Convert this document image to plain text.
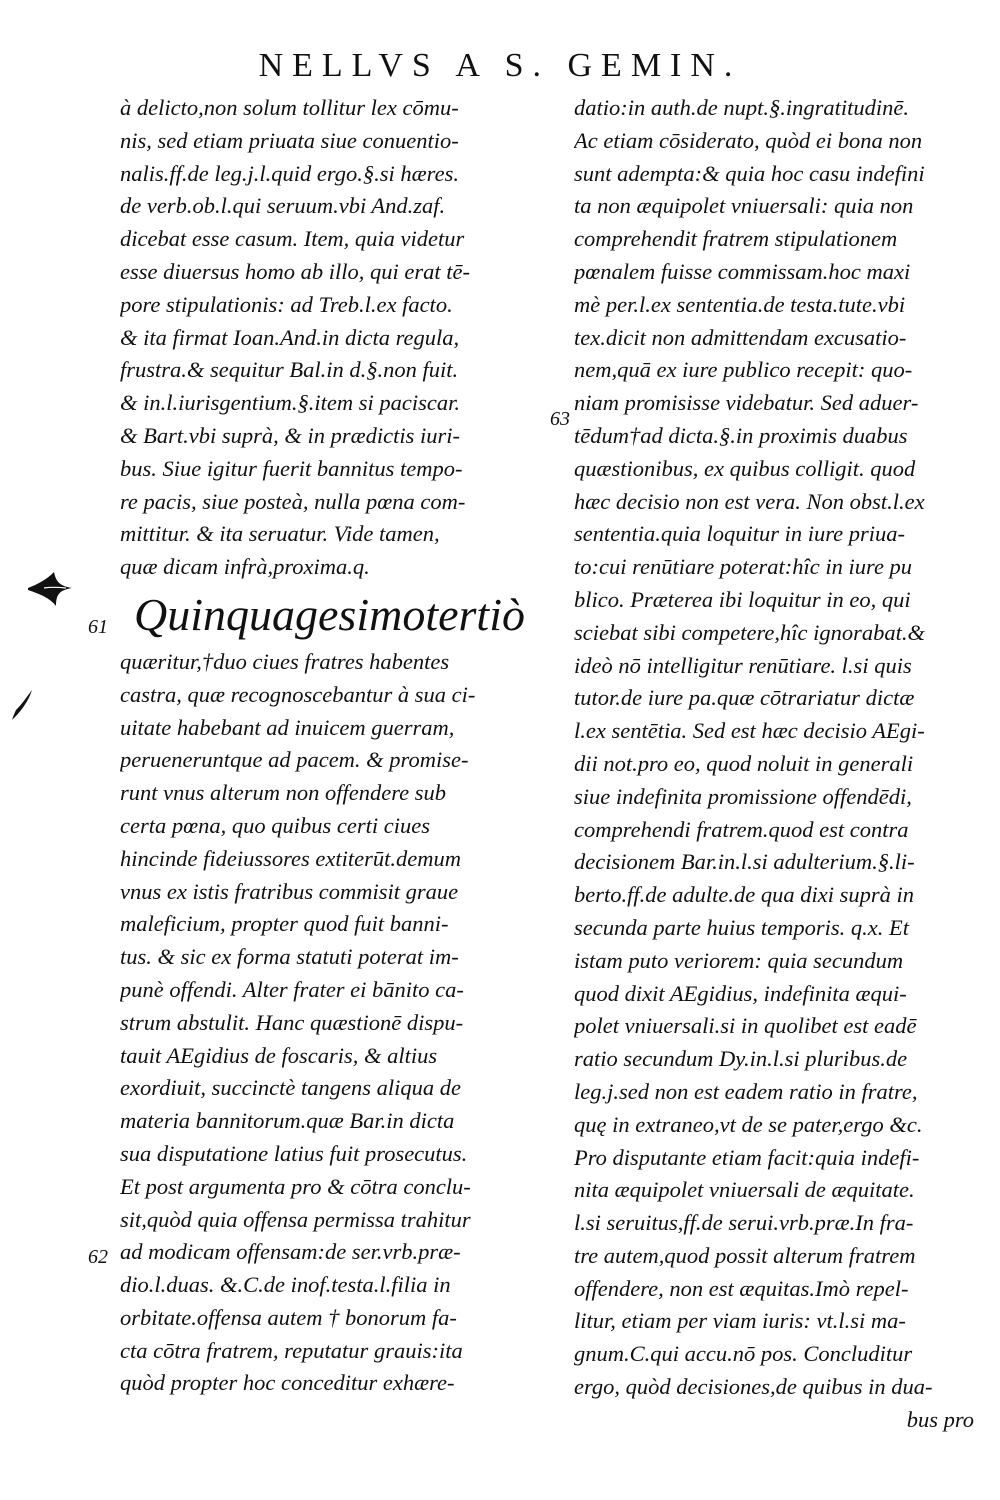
NELLVS A S. GEMIN.
à delicto,non solum tollitur lex cōmu-
nis, sed etiam priuata siue conuentio-
nalis.ff.de leg.j.l.quid ergo.§.si hæres.
de verb.ob.l.qui seruum.vbi And.zaf.
dicebat esse casum. Item, quia videtur
esse diuersus homo ab illo, qui erat tē-
pore stipulationis: ad Treb.l.ex facto.
& ita firmat Ioan.And.in dicta regula,
frustra.& sequitur Bal.in d.§.non fuit.
& in.l.iurisgentium.§.item si paciscar.
& Bart.vbi suprà, & in prædictis iuri-
bus. Siue igitur fuerit bannitus tempo-
re pacis, siue posteà, nulla pœna com-
mittitur. & ita seruatur. Vide tamen,
quæ dicam infrà,proxima.q.
Quinquagesimotertiò
quæritur,†duo ciues fratres habentes
castra, quæ recognoscebantur à sua ci-
uitate habebant ad inuicem guerram,
perueneruntque ad pacem. & promise-
runt vnus alterum non offendere sub
certa pœna, quo quibus certi ciues
hincinde fideiussores extiterūt.demum
vnus ex istis fratribus commisit graue
maleficium, propter quod fuit banni-
tus. & sic ex forma statuti poterat im-
punè offendi. Alter frater ei bānito ca-
strum abstulit. Hanc quæstionē dispu-
tauit AEgidius de foscaris, & altius
exordiuit, succinctè tangens aliqua de
materia bannitorum.quæ Bar.in dicta
sua disputatione latius fuit prosecutus.
Et post argumenta pro & cōtra conclu-
sit,quòd quia offensa permissa trahitur
ad modicam offensam:de ser.vrb.præ-
dio.l.duas. &.C.de inof.testa.l.filia in
orbitate.offensa autem † bonorum fa-
cta cōtra fratrem, reputatur grauis:ita
quòd propter hoc conceditur exhære-
datio:in auth.de nupt.§.ingratitudinē.
Ac etiam cōsiderato, quòd ei bona non
sunt adempta:& quia hoc casu indefini
ta non æquipolet vniuersali: quia non
comprehendit fratrem stipulationem
pœnalem fuisse commissam.hoc maxi
mè per.l.ex sententia.de testa.tute.vbi
tex.dicit non admittendam excusatio-
nem,quā ex iure publico recepit: quo-
niam promisisse videbatur. Sed aduer-
tēdum†ad dicta.§.in proximis duabus
quæstionibus, ex quibus colligit. quod
hæc decisio non est vera. Non obst.l.ex
sententia.quia loquitur in iure priua-
to:cui renūtiare poterat:hîc in iure pu
blico. Præterea ibi loquitur in eo, qui
sciebat sibi competere,hîc ignorabat.&
ideò nō intelligitur renūtiare. l.si quis
tutor.de iure pa.quæ cōtrariatur dictæ
l.ex sentētia. Sed est hæc decisio AEgi-
dii not.pro eo, quod noluit in generali
siue indefinita promissione offendēdi,
comprehendi fratrem.quod est contra
decisionem Bar.in.l.si adulterium.§.li-
berto.ff.de adulte.de qua dixi suprà in
secunda parte huius temporis. q.x. Et
istam puto veriorem: quia secundum
quod dixit AEgidius, indefinita æqui-
polet vniuersali.si in quolibet est eadē
ratio secundum Dy.in.l.si pluribus.de
leg.j.sed non est eadem ratio in fratre,
quę in extraneo,vt de se pater,ergo &c.
Pro disputante etiam facit:quia indefi-
nita æquipolet vniuersali de æquitate.
l.si seruitus,ff.de serui.vrb.præ.In fra-
tre autem,quod possit alterum fratrem
offendere, non est æquitas.Imò repel-
litur, etiam per viam iuris: vt.l.si ma-
gnum.C.qui accu.nō pos. Concluditur
ergo, quòd decisiones,de quibus in dua-
bus pro
61
62
63
